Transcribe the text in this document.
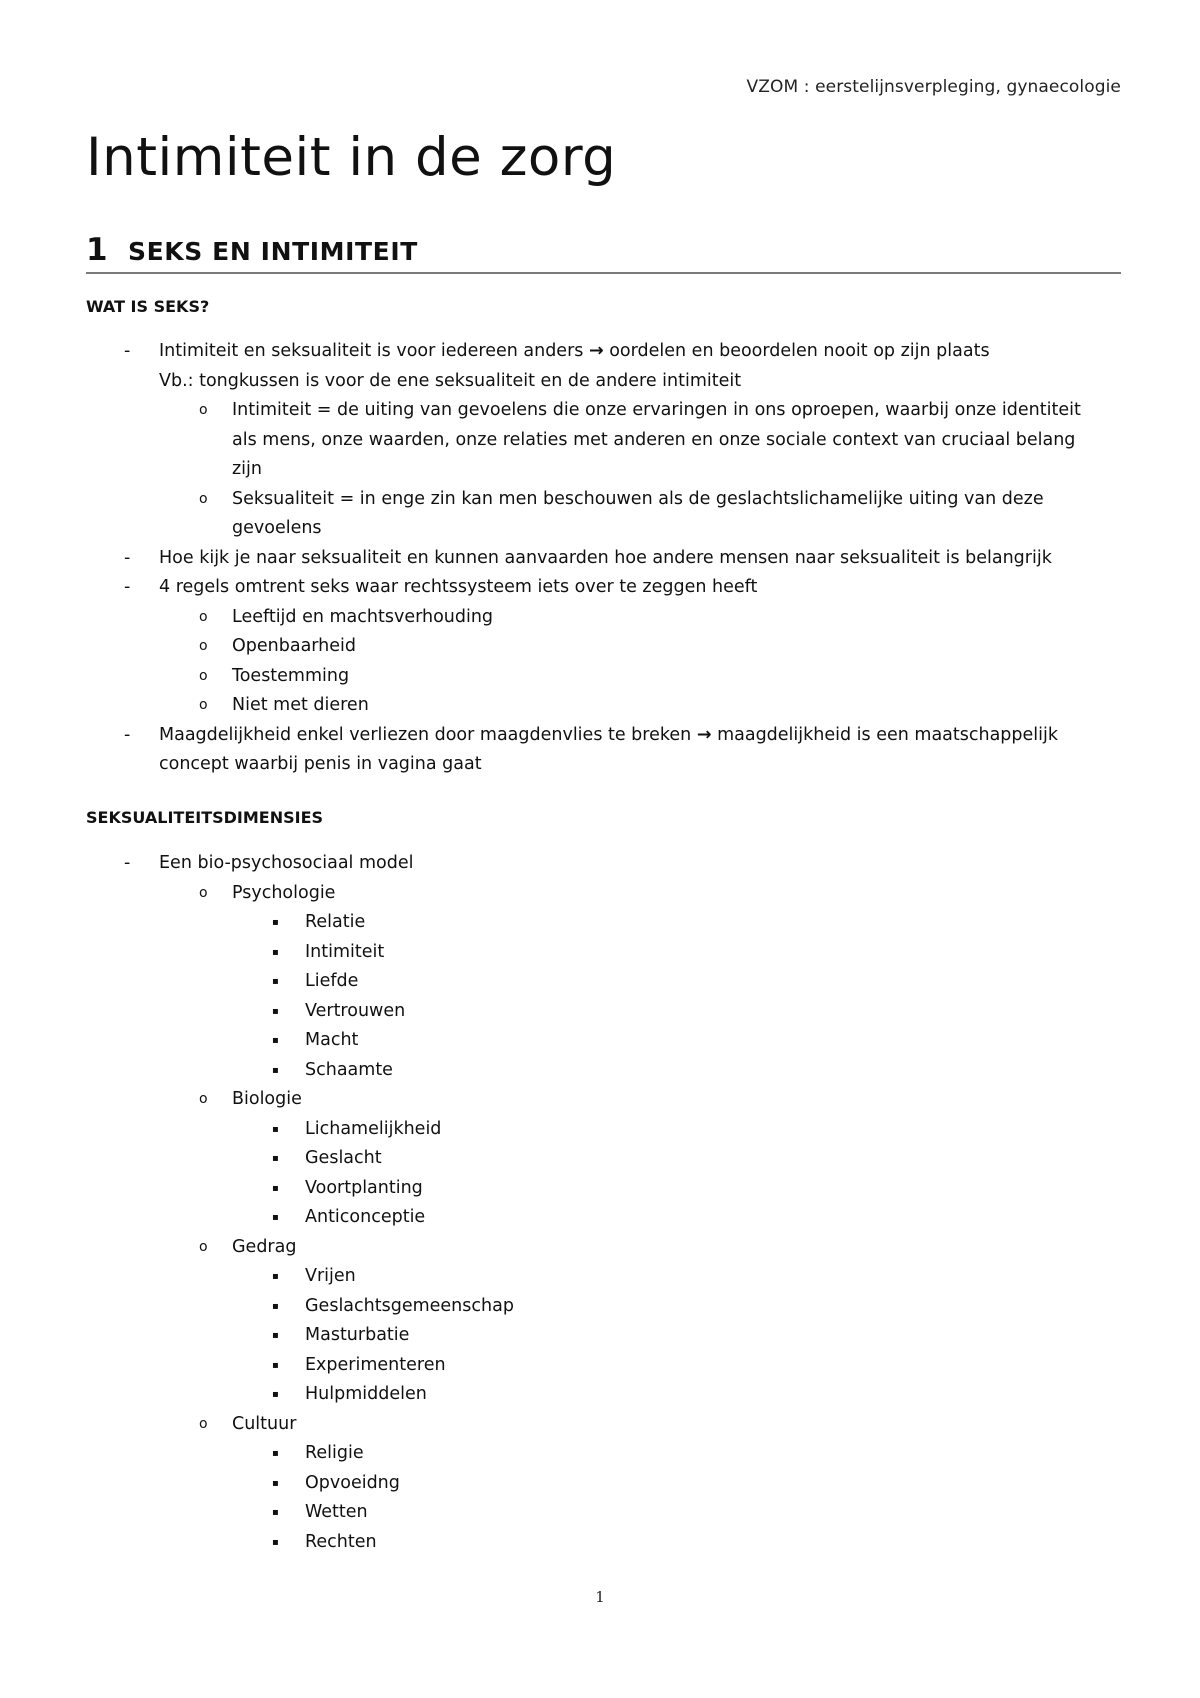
VZOM : eerstelijnsverpleging, gynaecologie
Intimiteit in de zorg
1 SEKS EN INTIMITEIT
WAT IS SEKS?
- Intimiteit en seksualiteit is voor iedereen anders → oordelen en beoordelen nooit op zijn plaats
Vb.: tongkussen is voor de ene seksualiteit en de andere intimiteit
o Intimiteit = de uiting van gevoelens die onze ervaringen in ons oproepen, waarbij onze identiteit
als mens, onze waarden, onze relaties met anderen en onze sociale context van cruciaal belang
zijn
o Seksualiteit = in enge zin kan men beschouwen als de geslachtslichamelijke uiting van deze
gevoelens
- Hoe kijk je naar seksualiteit en kunnen aanvaarden hoe andere mensen naar seksualiteit is belangrijk
- 4 regels omtrent seks waar rechtssysteem iets over te zeggen heeft
o Leeftijd en machtsverhouding
o Openbaarheid
o Toestemming
o Niet met dieren
- Maagdelijkheid enkel verliezen door maagdenvlies te breken → maagdelijkheid is een maatschappelijk
concept waarbij penis in vagina gaat
SEKSUALITEITSDIMENSIES
- Een bio-psychosociaal model
o Psychologie
▪ Relatie
▪ Intimiteit
▪ Liefde
▪ Vertrouwen
▪ Macht
▪ Schaamte
o Biologie
▪ Lichamelijkheid
▪ Geslacht
▪ Voortplanting
▪ Anticonceptie
o Gedrag
▪ Vrijen
▪ Geslachtsgemeenschap
▪ Masturbatie
▪ Experimenteren
▪ Hulpmiddelen
o Cultuur
▪ Religie
▪ Opvoeidng
▪ Wetten
▪ Rechten
1
